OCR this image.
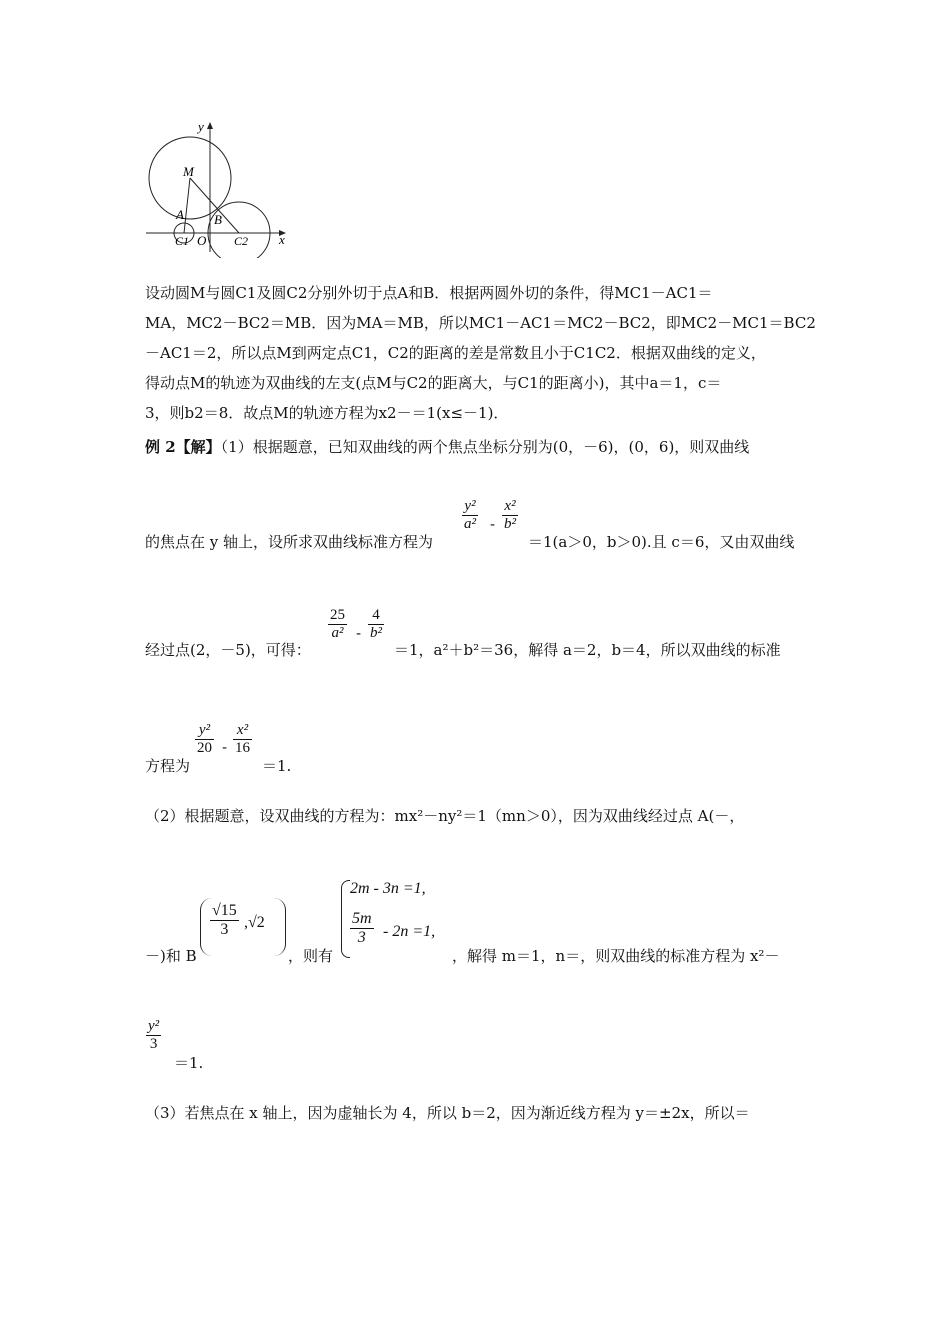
y
x
M
A B
O
C1	C2
设动圆M与圆C1及圆C2分别外切于点A和B．根据两圆外切的条件，得MC1－AC1＝
MA，MC2－BC2＝MB．因为MA＝MB，所以MC1－AC1＝MC2－BC2，即MC2－MC1＝BC2
－AC1＝2，所以点M到两定点C1，C2的距离的差是常数且小于C1C2．根据双曲线的定义，
得动点M的轨迹为双曲线的左支(点M与C2的距离大，与C1的距离小)，其中a＝1，c＝
3，则b2＝8．故点M的轨迹方程为x2－＝1(x≤－1)．
例 2【解】（1）根据题意，已知双曲线的两个焦点坐标分别为(0，－6)，(0，6)，则双曲线
$\frac{\text{y²}}{\text{a²}} - \frac{\text{x²}}{\text{b²}}$
的焦点在 y 轴上，设所求双曲线标准方程为	＝1(a＞0，b＞0).且 c＝6，又由双曲线
$\frac{25}{\text{a²}} - \frac{4}{\text{b²}}$
经过点(2，－5)，可得：	＝1，a²＋b²＝36，解得 a＝2，b＝4，所以双曲线的标准
$\frac{\text{y²}}{20} - \frac{\text{x²}}{16}$
方程为	＝1.
（2）根据题意，设双曲线的方程为：mx²－ny²＝1（mn＞0），因为双曲线经过点 A(－，
$\frac{√15}{3} ,√2$
2m - 3n =1,
$\frac{5m}{3} - 2n =1$,
－)和 B	，则有	，解得 m＝1，n＝，则双曲线的标准方程为 x²－
$\frac{\text{y²}}{3}$
＝1.
（3）若焦点在 x 轴上，因为虚轴长为 4，所以 b＝2，因为渐近线方程为 y＝±2x，所以＝
